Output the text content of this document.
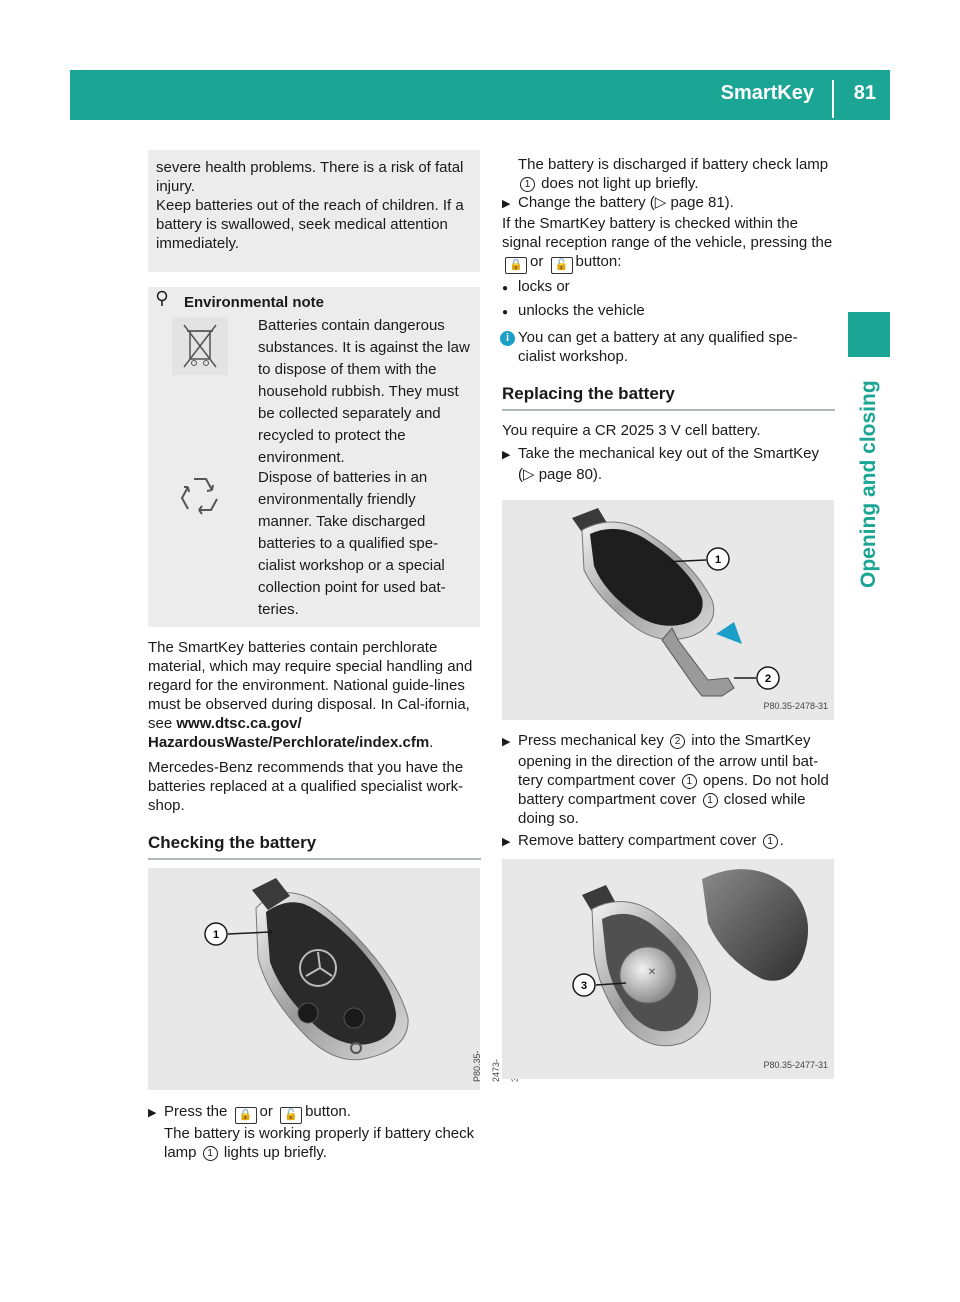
SmartKey 81
Opening and closing

severe health problems. There is a risk of fatal injury.

Keep batteries out of the reach of children. If a battery is swallowed, seek medical attention immediately.

Environmental note
Batteries contain dangerous substances. It is against the law to dispose of them with the household rubbish. They must be collected separately and recycled to protect the environment.
Dispose of batteries in an environmentally friendly manner. Take discharged batteries to a qualified spe-cialist workshop or a special collection point for used bat-teries.

The SmartKey batteries contain perchlorate material, which may require special handling and regard for the environment. National guide-lines must be observed during disposal. In Cal-ifornia, see www.dtsc.ca.gov/ HazardousWaste/Perchlorate/index.cfm.

Mercedes-Benz recommends that you have the batteries replaced at a qualified specialist work-shop.

Checking the battery
1
P80.35-2473-3
▶ Press the 🔒 or 🔓 button.
The battery is working properly if battery check lamp 1 lights up briefly.
The battery is discharged if battery check lamp 1 does not light up briefly.
▶ Change the battery (▷ page 81).

If the SmartKey battery is checked within the signal reception range of the vehicle, pressing the 🔒 or 🔓 button:

● locks or
● unlocks the vehicle
i You can get a battery at any qualified spe-cialist workshop.
Replacing the battery

You require a CR 2025 3 V cell battery.

▶ Take the mechanical key out of the SmartKey (▷ page 80).
1
2
P80.35-2478-31
▶ Press mechanical key 2 into the SmartKey opening in the direction of the arrow until bat-tery compartment cover 1 opens. Do not hold battery compartment cover 1 closed while doing so.
▶ Remove battery compartment cover 1 .
✕
3
P80.35-2477-31
